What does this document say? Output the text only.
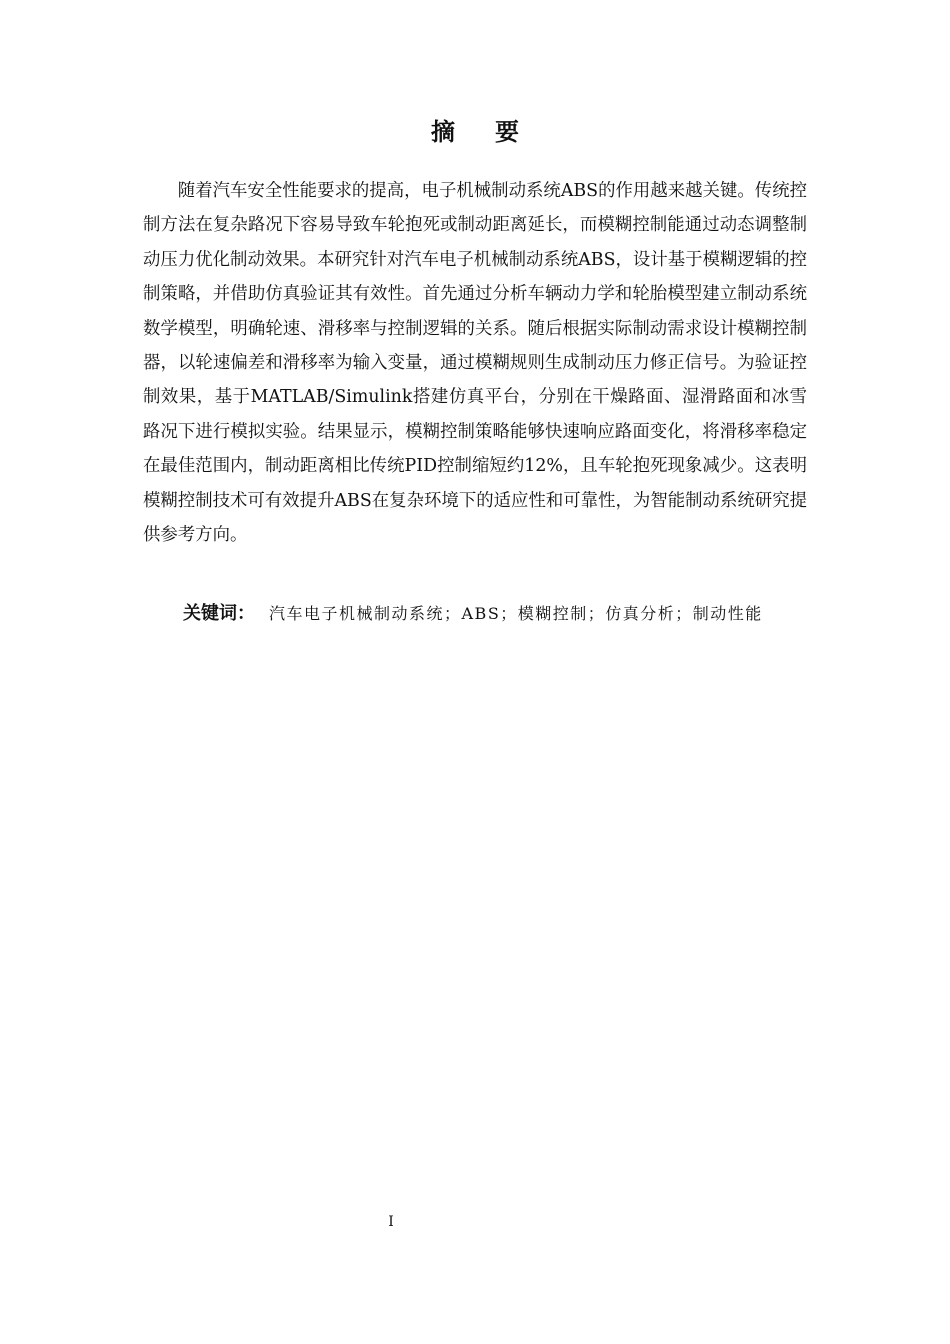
摘要

随着汽车安全性能要求的提高，电子机械制动系统ABS的作用越来越关键。传统控制方法在复杂路况下容易导致车轮抱死或制动距离延长，而模糊控制能通过动态调整制动压力优化制动效果。本研究针对汽车电子机械制动系统ABS，设计基于模糊逻辑的控制策略，并借助仿真验证其有效性。首先通过分析车辆动力学和轮胎模型建立制动系统数学模型，明确轮速、滑移率与控制逻辑的关系。随后根据实际制动需求设计模糊控制器，以轮速偏差和滑移率为输入变量，通过模糊规则生成制动压力修正信号。为验证控制效果，基于MATLAB/Simulink搭建仿真平台，分别在干燥路面、湿滑路面和冰雪路况下进行模拟实验。结果显示，模糊控制策略能够快速响应路面变化，将滑移率稳定在最佳范围内，制动距离相比传统PID控制缩短约12%，且车轮抱死现象减少。这表明模糊控制技术可有效提升ABS在复杂环境下的适应性和可靠性，为智能制动系统研究提供参考方向。

关键词： 汽车电子机械制动系统；ABS；模糊控制；仿真分析；制动性能

I
